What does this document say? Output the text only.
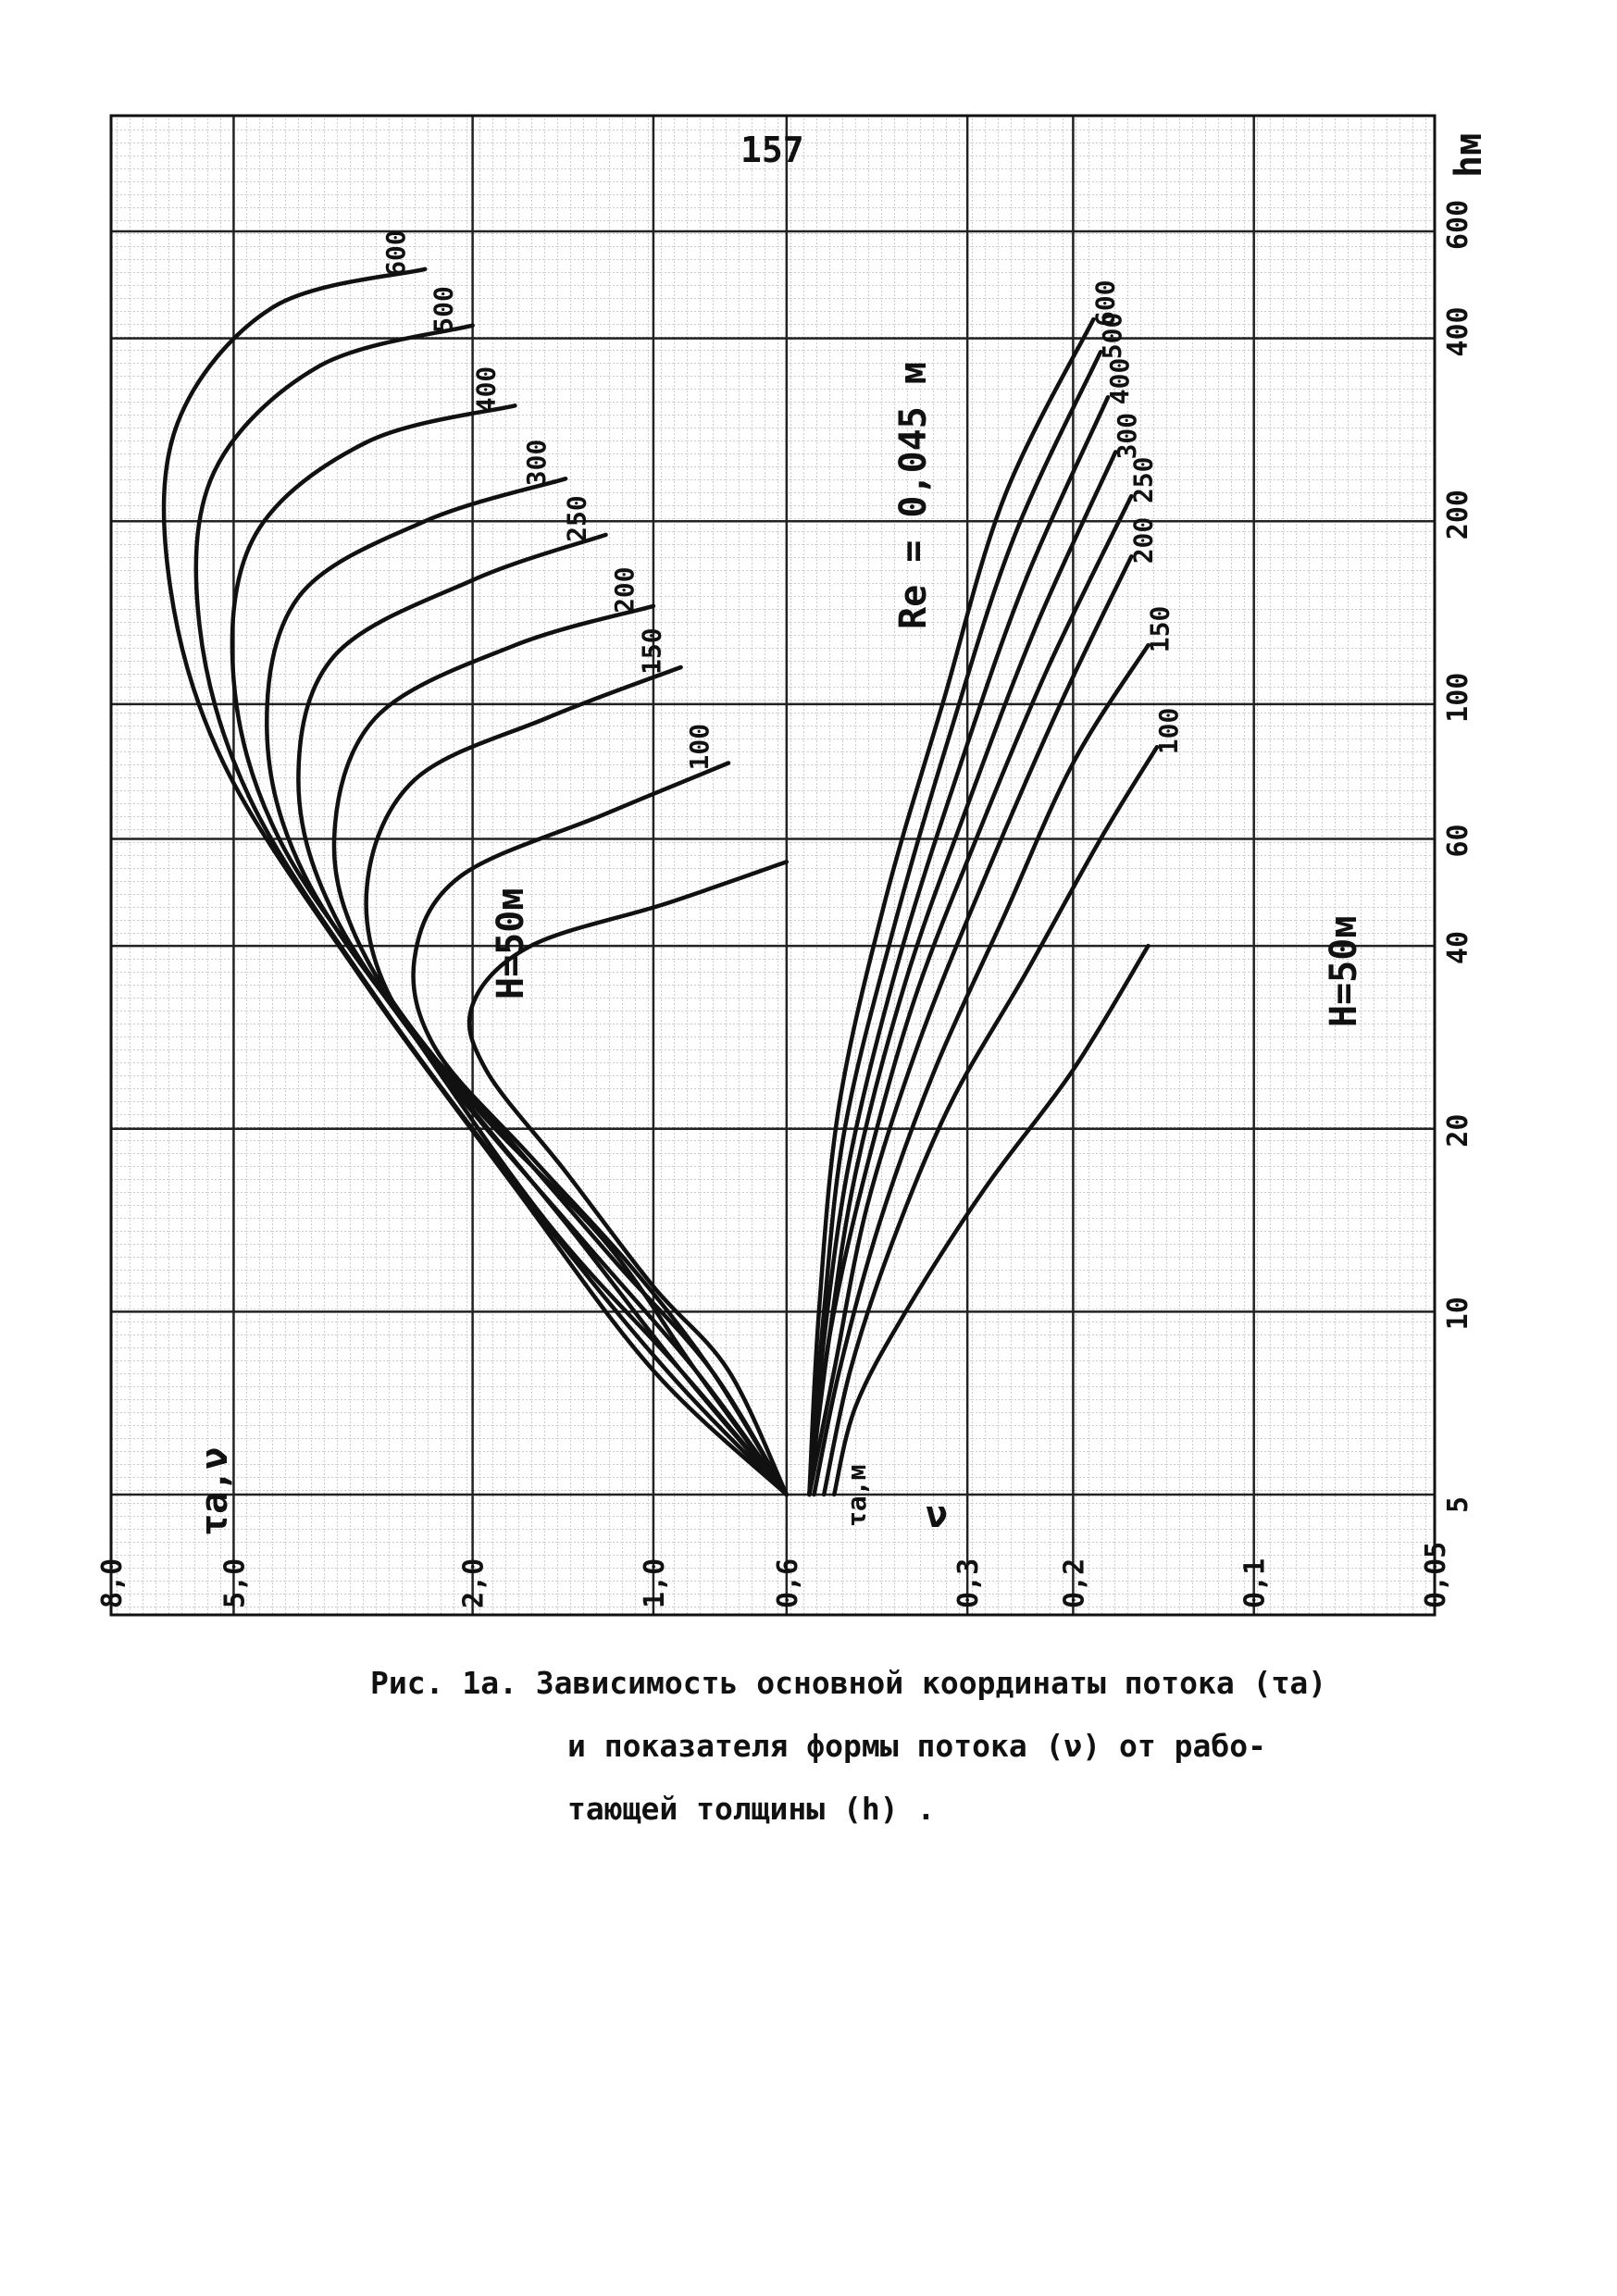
8,0	5,0	2,0	1,0	0,6	0,3	0,2	0,1	0,05
5
10
20
40
60
100
200
400
600
100
150
200
250
300
400
500
600
100
150
200
250
300
400
500
600
157	hм
τa,ν
Re = 0,045 м
τa,м ν
H=50м	H=50м
Рис. 1а. Зависимость основной координаты потока (τa)
и показателя формы потока (ν) от рабо-
тающей толщины (h) .
